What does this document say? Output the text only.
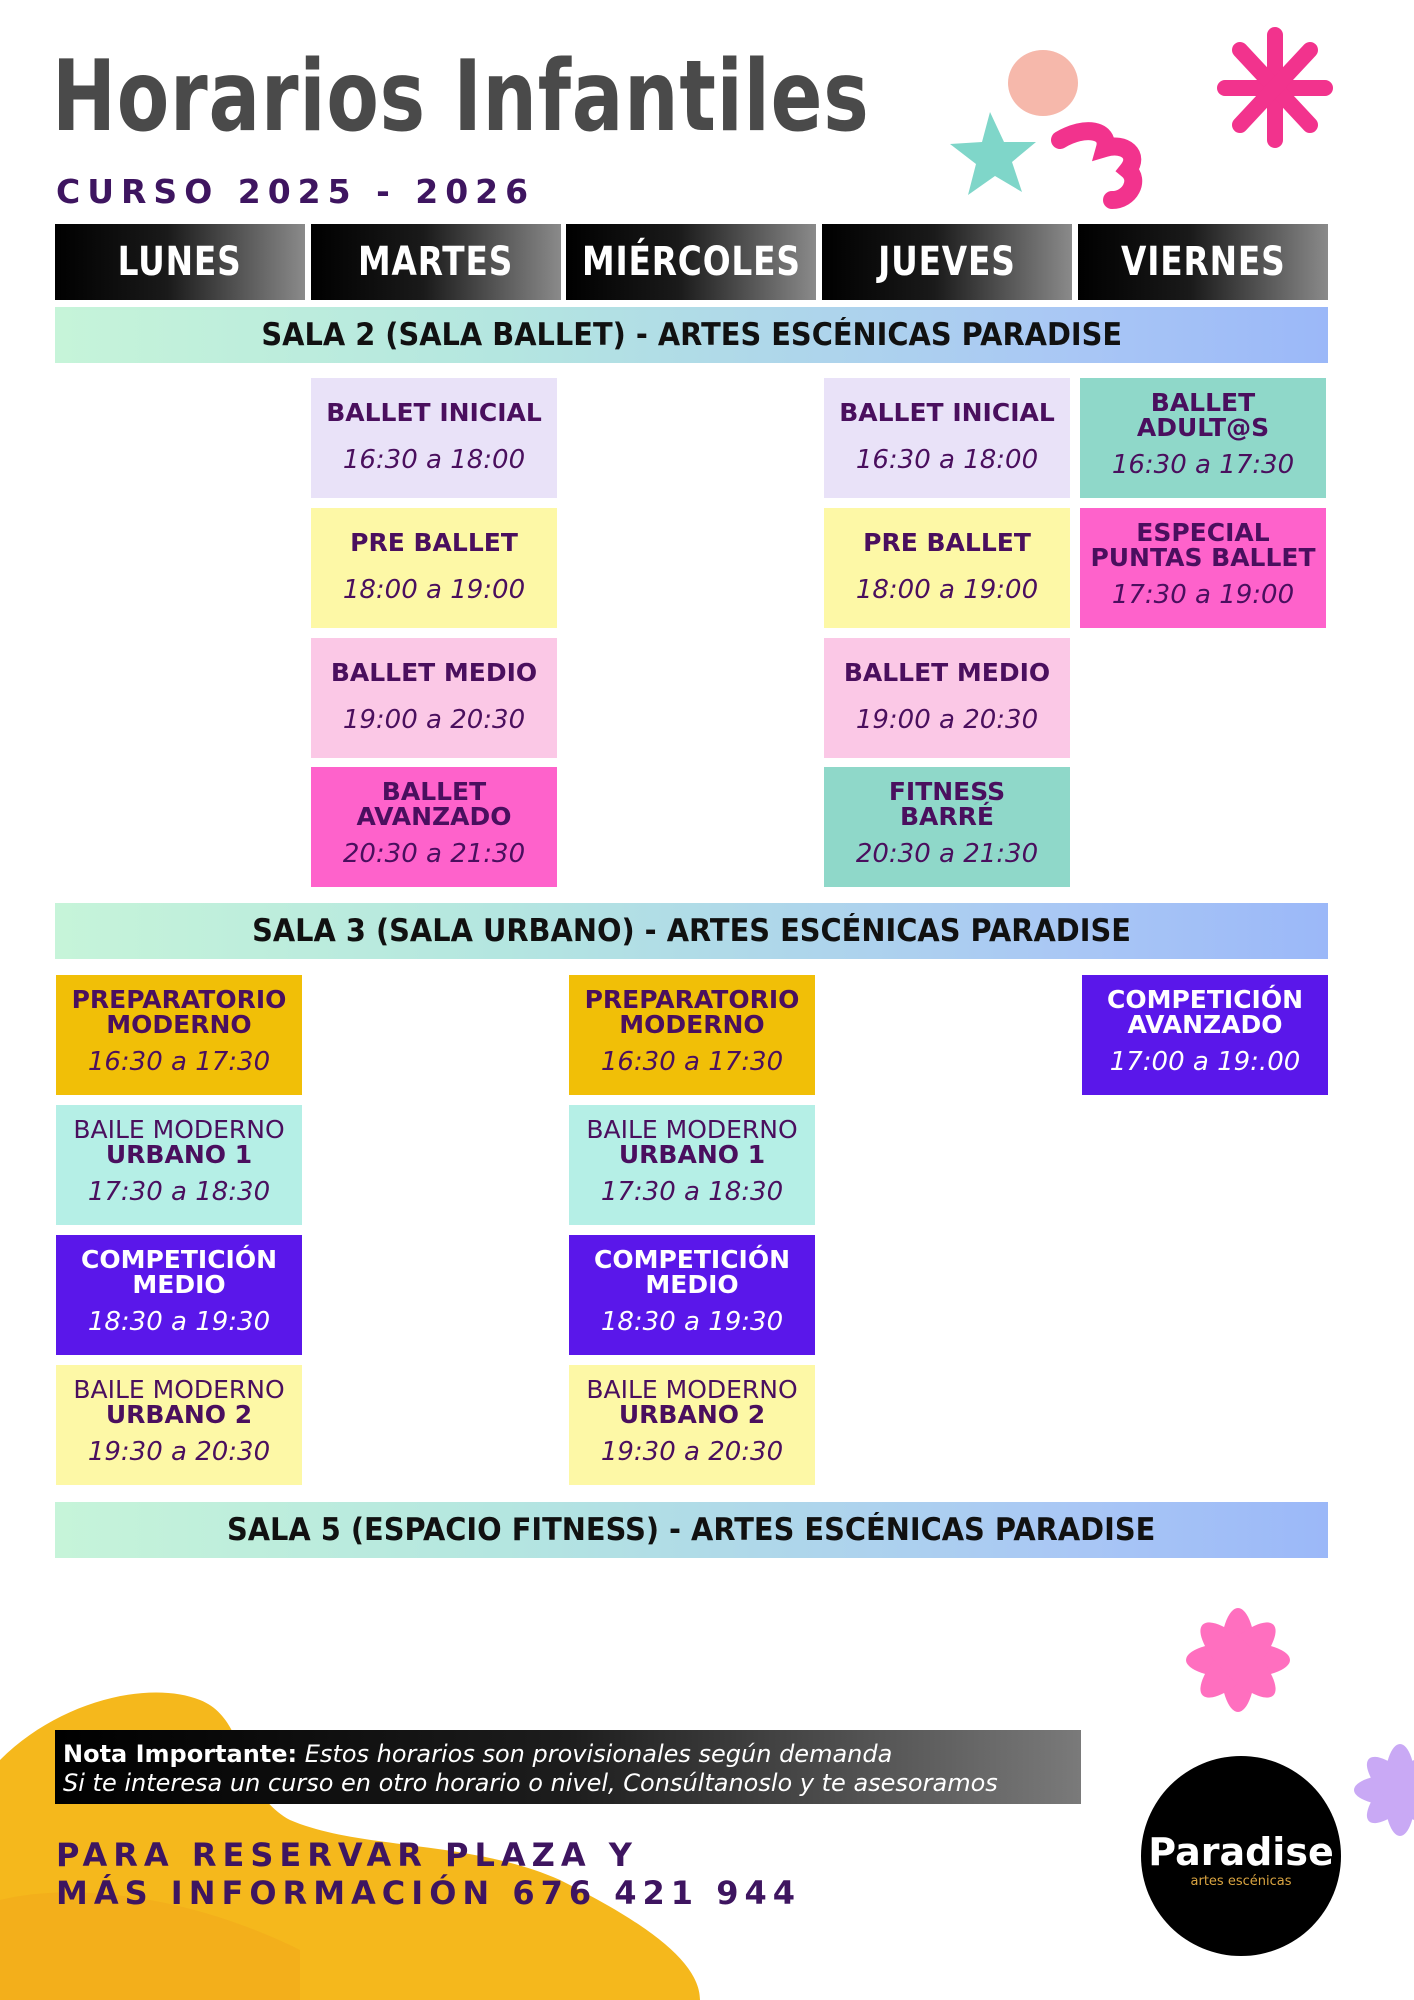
Horarios Infantiles
CURSO 2025 - 2026
LUNES	MARTES MIÉRCOLES JUEVES	VIERNES
SALA 2 (SALA BALLET) - ARTES ESCÉNICAS PARADISE
BALLET INICIAL
16:30 a 18:00
PRE BALLET
18:00 a 19:00
BALLET MEDIO
19:00 a 20:30
BALLET
AVANZADO
20:30 a 21:30
BALLET INICIAL
16:30 a 18:00
PRE BALLET
18:00 a 19:00
BALLET MEDIO
19:00 a 20:30
FITNESS
BARRÉ
20:30 a 21:30
BALLET
ADULT@S
16:30 a 17:30
ESPECIAL
PUNTAS BALLET
17:30 a 19:00
SALA 3 (SALA URBANO) - ARTES ESCÉNICAS PARADISE
PREPARATORIO
MODERNO
16:30 a 17:30
BAILE MODERNO
URBANO 1
17:30 a 18:30
COMPETICIÓN
MEDIO
18:30 a 19:30
BAILE MODERNO
URBANO 2
19:30 a 20:30
PREPARATORIO
MODERNO
16:30 a 17:30
BAILE MODERNO
URBANO 1
17:30 a 18:30
COMPETICIÓN
MEDIO
18:30 a 19:30
BAILE MODERNO
URBANO 2
19:30 a 20:30
COMPETICIÓN
AVANZADO
17:00 a 19:.00
SALA 5 (ESPACIO FITNESS) - ARTES ESCÉNICAS PARADISE
Nota Importante: Estos horarios son provisionales según demanda
Si te interesa un curso en otro horario o nivel, Consúltanoslo y te asesoramos
PARA RESERVAR PLAZA Y
MÁS INFORMACIÓN 676 421 944
Paradise
artes escénicas
